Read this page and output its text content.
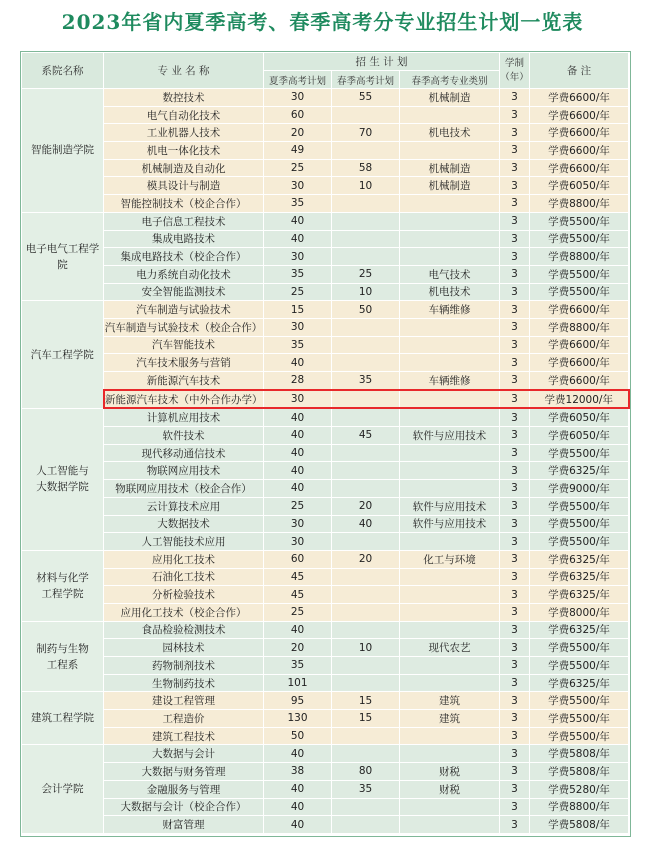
2023年省内夏季高考、春季高考分专业招生计划一览表
系院名称	专 业 名 称	招 生 计 划			学制（年）	备 注
		夏季高考计划	春季高考计划	春季高考专业类别		
智能制造学院	数控技术	30	55	机械制造	3	学费6600/年
	电气自动化技术	60			3	学费6600/年
	工业机器人技术	20	70	机电技术	3	学费6600/年
	机电一体化技术	49			3	学费6600/年
	机械制造及自动化	25	58	机械制造	3	学费6600/年
	模具设计与制造	30	10	机械制造	3	学费6050/年
	智能控制技术（校企合作）	35			3	学费8800/年
电子电气工程学院	电子信息工程技术	40			3	学费5500/年
	集成电路技术	40			3	学费5500/年
	集成电路技术（校企合作）	30			3	学费8800/年
	电力系统自动化技术	35	25	电气技术	3	学费5500/年
	安全智能监测技术	25	10	机电技术	3	学费5500/年
汽车工程学院	汽车制造与试验技术	15	50	车辆维修	3	学费6600/年
	汽车制造与试验技术（校企合作）	30			3	学费8800/年
	汽车智能技术	35			3	学费6600/年
	汽车技术服务与营销	40			3	学费6600/年
	新能源汽车技术	28	35	车辆维修	3	学费6600/年
	新能源汽车技术（中外合作办学）	30			3	学费12000/年
人工智能与
大数据学院	计算机应用技术	40			3	学费6050/年
	软件技术	40	45	软件与应用技术	3	学费6050/年
	现代移动通信技术	40			3	学费5500/年
	物联网应用技术	40			3	学费6325/年
	物联网应用技术（校企合作）	40			3	学费9000/年
	云计算技术应用	25	20	软件与应用技术	3	学费5500/年
	大数据技术	30	40	软件与应用技术	3	学费5500/年
	人工智能技术应用	30			3	学费5500/年
材料与化学
工程学院	应用化工技术	60	20	化工与环境	3	学费6325/年
	石油化工技术	45			3	学费6325/年
	分析检验技术	45			3	学费6325/年
	应用化工技术（校企合作）	25			3	学费8000/年
制药与生物
工程系	食品检验检测技术	40			3	学费6325/年
	园林技术	20	10	现代农艺	3	学费5500/年
	药物制剂技术	35			3	学费5500/年
	生物制药技术	101			3	学费6325/年
建筑工程学院	建设工程管理	95	15	建筑	3	学费5500/年
	工程造价	130	15	建筑	3	学费5500/年
	建筑工程技术	50			3	学费5500/年
会计学院	大数据与会计	40			3	学费5808/年
	大数据与财务管理	38	80	财税	3	学费5808/年
	金融服务与管理	40	35	财税	3	学费5280/年
	大数据与会计（校企合作）	40			3	学费8800/年
	财富管理	40			3	学费5808/年
